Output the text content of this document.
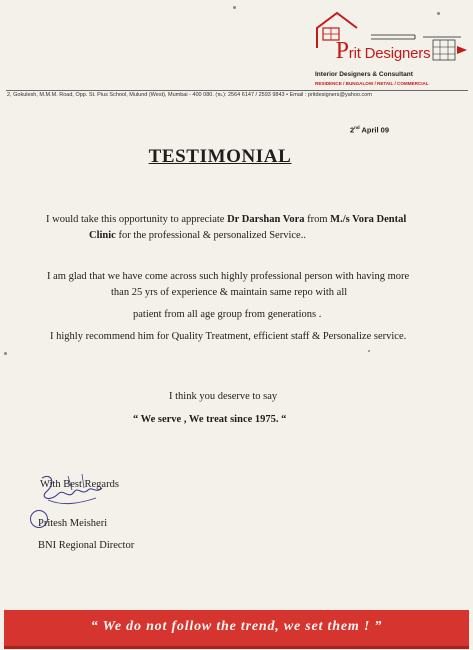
Prit Designers
Interior Designers & Consultant
RESIDENCE / BUNGALOW / RETAIL / COMMERCIAL
2, Gokulesh, M.M.M. Road, Opp. St. Pius School, Mulund (West), Mumbai - 400 080. (℡): 2564 6147 / 2593 9843 • Email : pritdesigners@yahoo.com
2nd April 09
TESTIMONIAL
I would take this opportunity to appreciate Dr Darshan Vora from M./s Vora Dental
Clinic for the professional & personalized Service..
I am glad that we have come across such highly professional person with having more
than 25 yrs of experience & maintain same repo with all
patient from all age group from generations .
I highly recommend him for Quality Treatment, efficient staff & Personalize service.
I think you deserve to say
“ We serve , We treat since 1975. “
With Best Regards
Pritesh Meisheri
BNI Regional Director
“ We do not follow the trend, we set them ! ”
